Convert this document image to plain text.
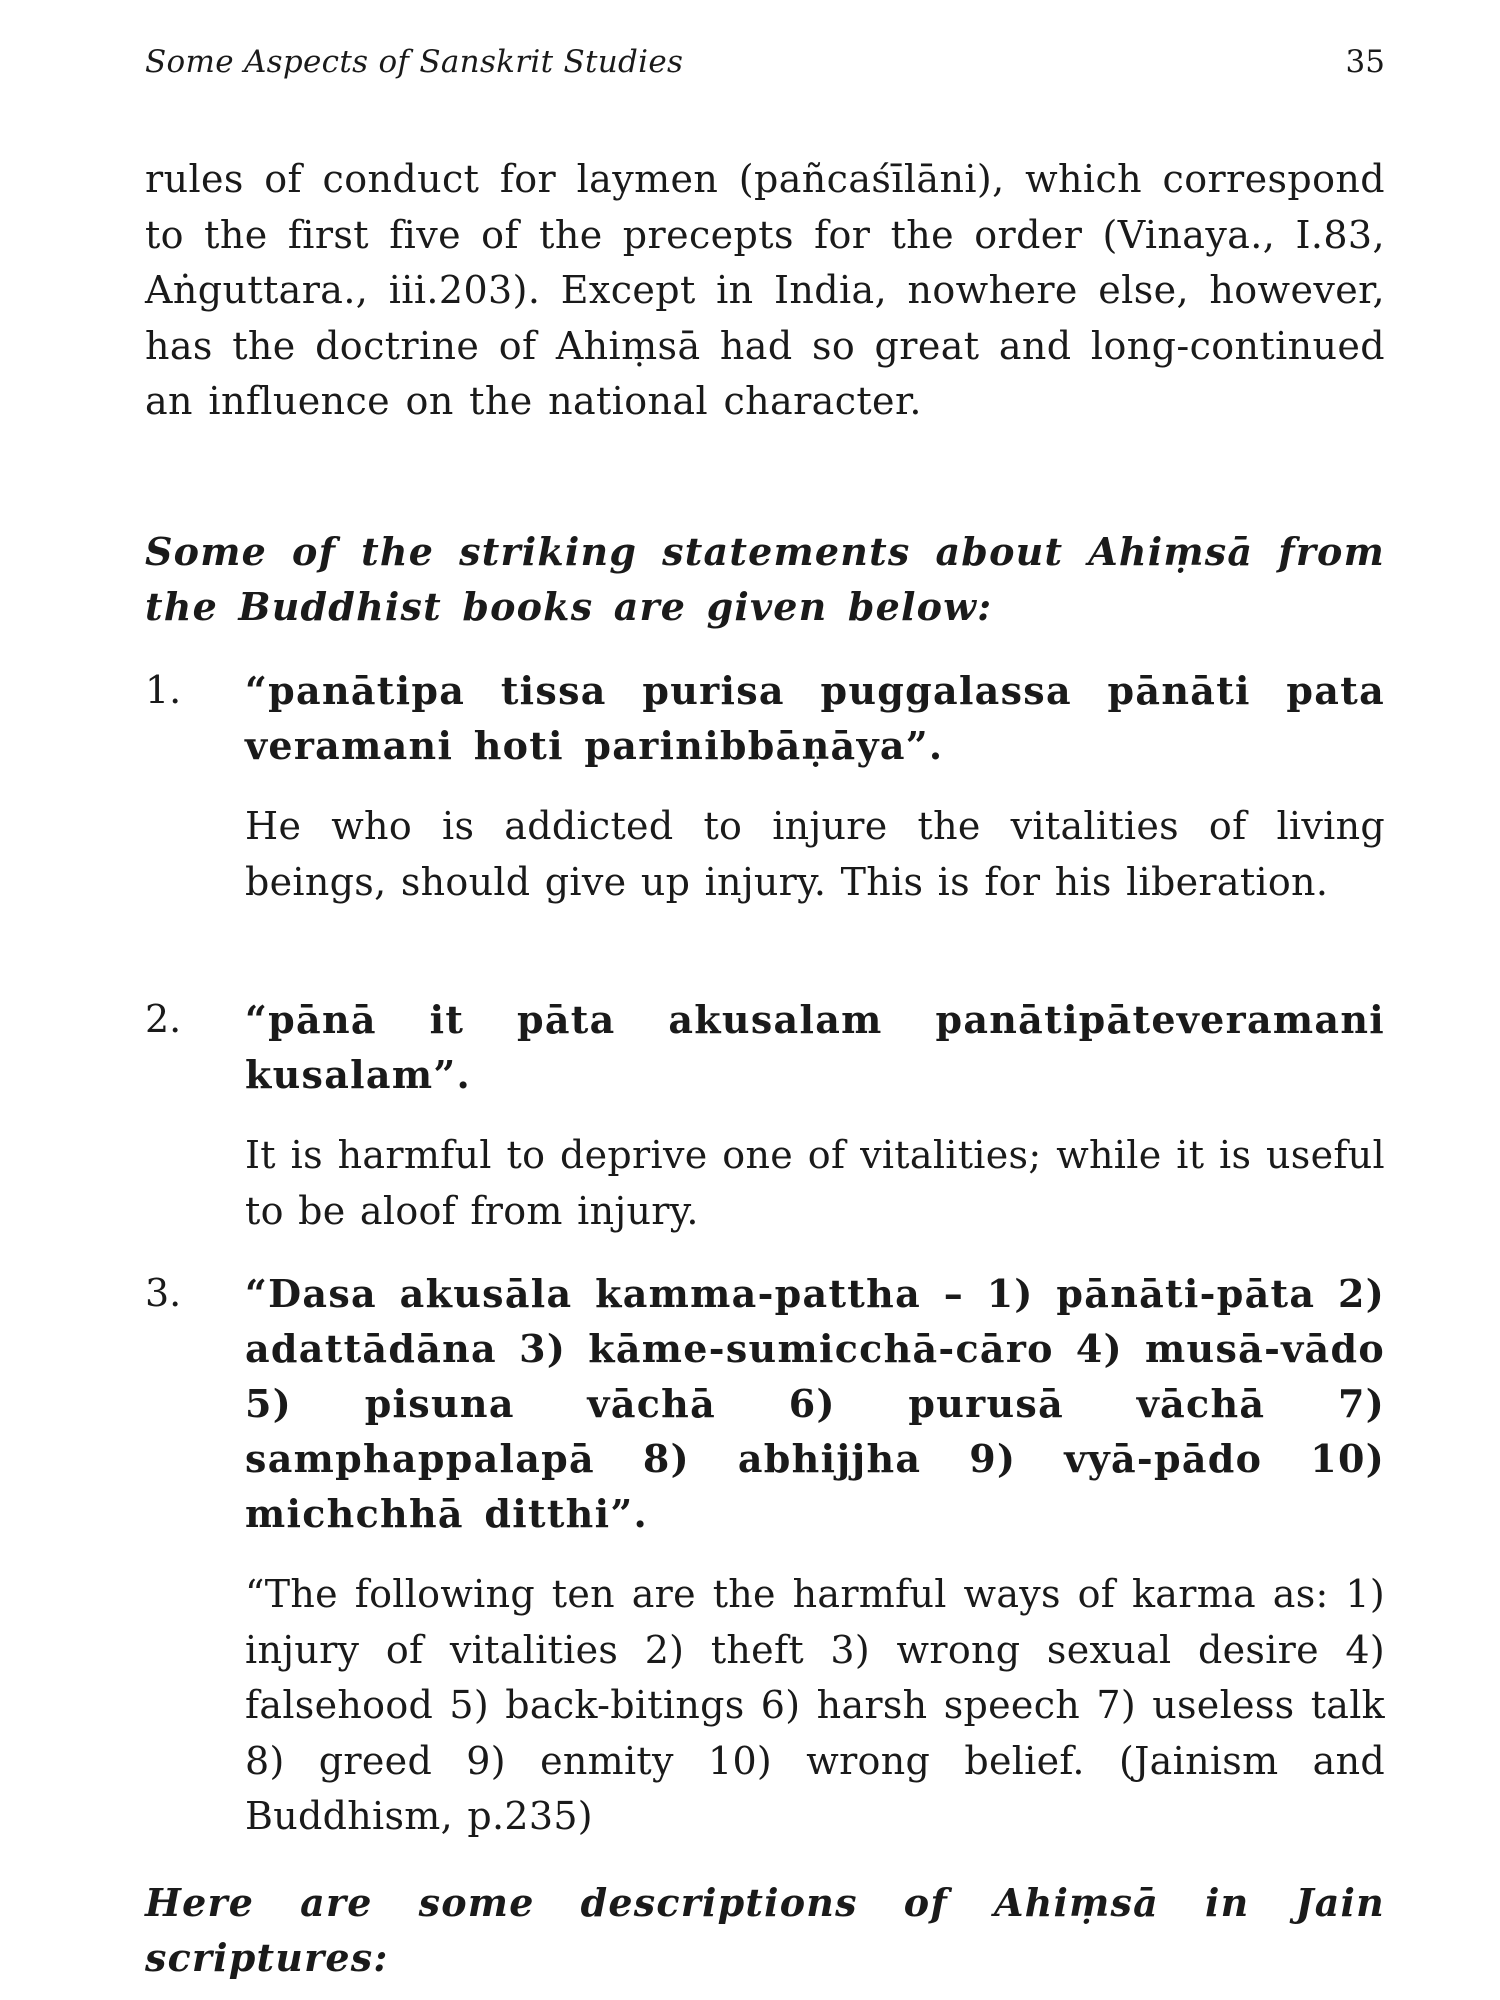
Some Aspects of Sanskrit Studies	35

rules of conduct for laymen (pañcaśīlāni), which correspond to the first five of the precepts for the order (Vinaya., I.83, Aṅguttara., iii.203). Except in India, nowhere else, however, has the doctrine of Ahiṃsā had so great and long-continued an influence on the national character.

Some of the striking statements about Ahiṃsā from the Buddhist books are given below:

1. “panātipa tissa purisa puggalassa pānāti pata veramani hoti parinibbāṇāya”.
He who is addicted to injure the vitalities of living beings, should give up injury. This is for his liberation.
2. “pānā it pāta akusalam panātipāteveramani kusalam”.
It is harmful to deprive one of vitalities; while it is useful to be aloof from injury.
3. “Dasa akusāla kamma-pattha – 1) pānāti-pāta 2) adattādāna 3) kāme-sumicchā-cāro 4) musā-vādo 5) pisuna vāchā 6) purusā vāchā 7) samphappalapā 8) abhijjha 9) vyā-pādo 10) michchhā ditthi”.
“The following ten are the harmful ways of karma as: 1) injury of vitalities 2) theft 3) wrong sexual desire 4) falsehood 5) back-bitings 6) harsh speech 7) useless talk 8) greed 9) enmity 10) wrong belief. (Jainism and Buddhism, p.235)

Here are some descriptions of Ahiṃsā in Jain scriptures:
